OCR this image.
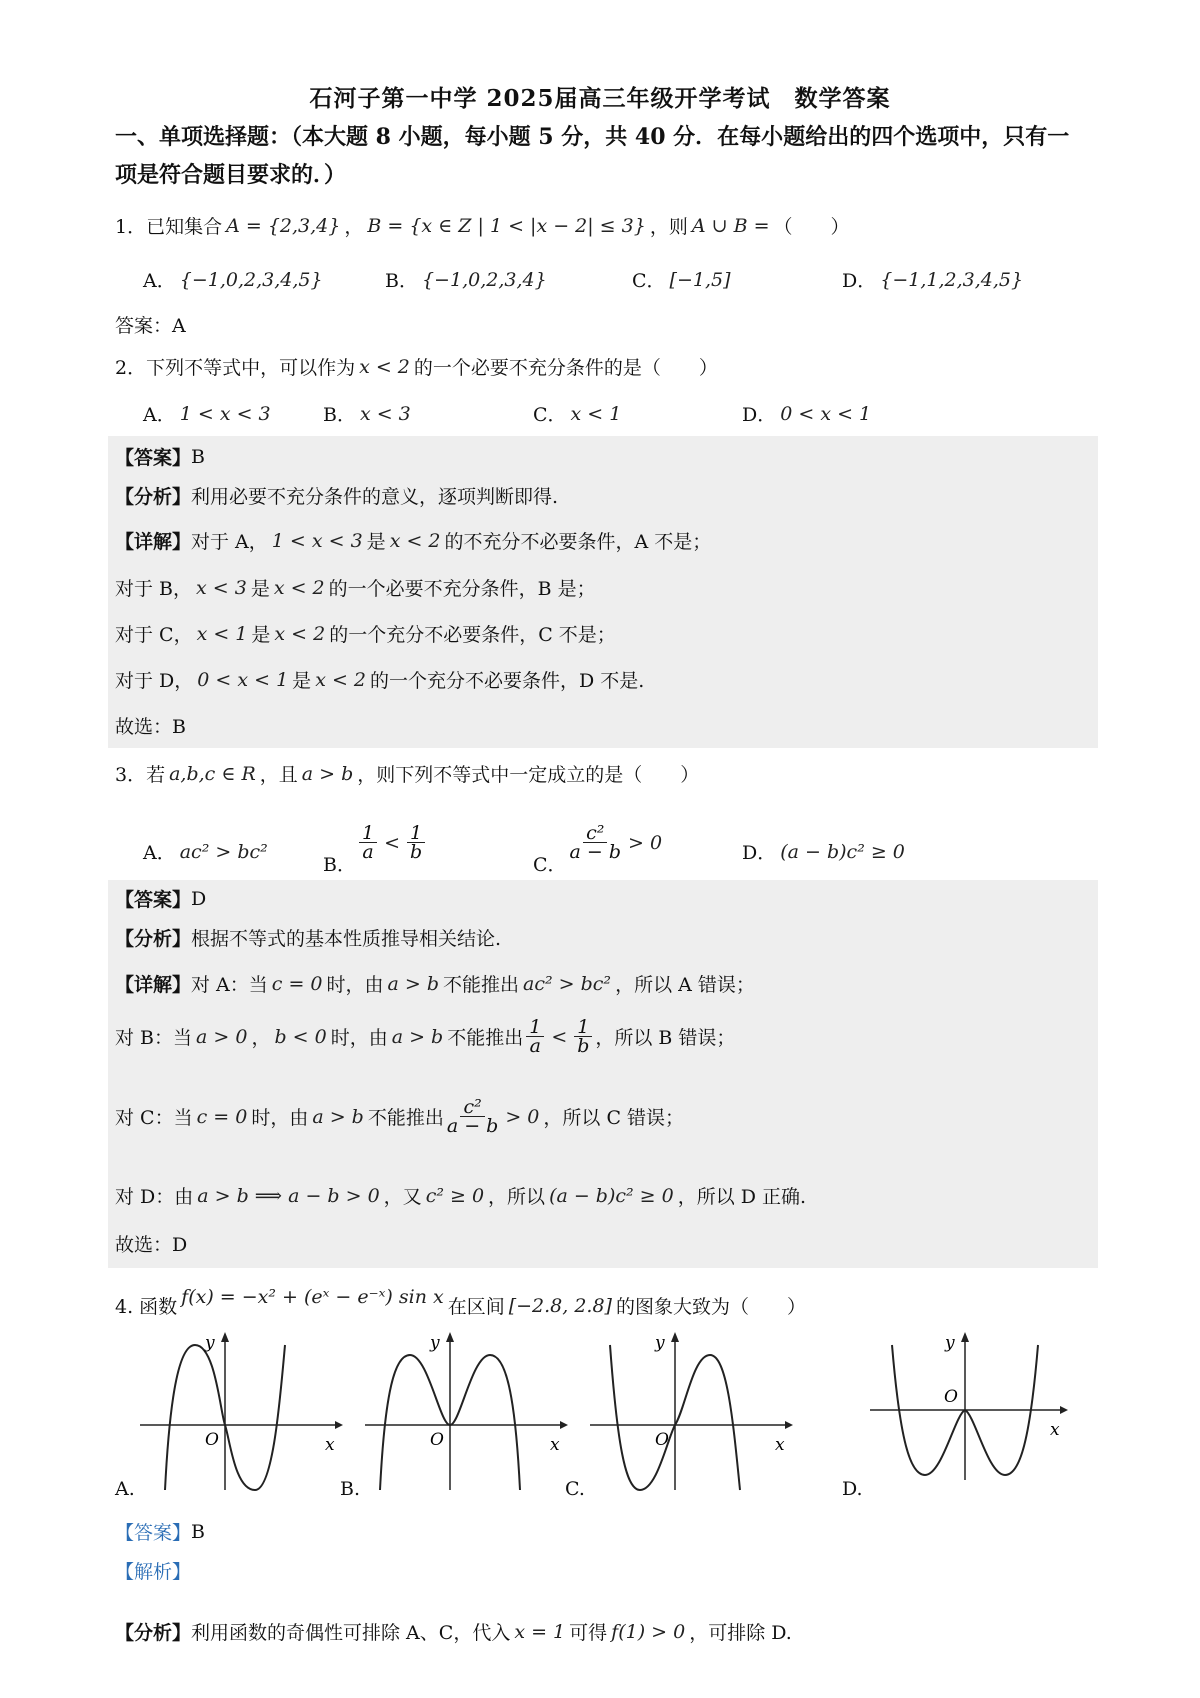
石河子第一中学 2025届高三年级开学考试　数学答案
一、单项选择题：（本大题 8 小题，每小题 5 分，共 40 分．在每小题给出的四个选项中，只有一项是符合题目要求的．）
1．已知集合 A = {2,3,4} ， B = {x ∈ Z | 1 < |x − 2| ≤ 3} ，则 A ∪ B = （　　）
A． {−1,0,2,3,4,5}	B． {−1,0,2,3,4}	C． [−1,5]	D． {−1,1,2,3,4,5}
答案：A
2．下列不等式中，可以作为 x < 2 的一个必要不充分条件的是（　　）
A． 1 < x < 3	B． x < 3	C． x < 1	D． 0 < x < 1
【答案】 B
【分析】 利用必要不充分条件的意义，逐项判断即得.
【详解】 对于 A， 1 < x < 3 是 x < 2 的不充分不必要条件，A 不是；
对于 B， x < 3 是 x < 2 的一个必要不充分条件，B 是；
对于 C， x < 1 是 x < 2 的一个充分不必要条件，C 不是；
对于 D， 0 < x < 1 是 x < 2 的一个充分不必要条件，D 不是.
故选：B
3．若 a,b,c ∈ R ，且 a > b ，则下列不等式中一定成立的是（　　）
A． ac² > bc²
B．
$\frac{1}{a} < \frac{1}{b}$
C．
$\frac{\text{c²}}{a - b} > 0$	D． (a − b)c² ≥ 0
【答案】 D
【分析】 根据不等式的基本性质推导相关结论.
【详解】 对 A：当 c = 0 时，由 a > b 不能推出 ac² > bc² ，所以 A 错误；
对 B：当 a > 0 ， b < 0 时，由 a > b 不能推出 $\frac{1}{a} < \frac{1}{b}$ ，所以 B 错误；
对 C：当 c = 0 时，由 a > b 不能推出 $\frac{\text{c²}}{a - b} > 0$ ，所以 C 错误；
对 D：由 a > b ⟹ a − b > 0 ，又 c² ≥ 0 ，所以 (a − b)c² ≥ 0 ，所以 D 正确.
故选：D
4. 函数 f(x) = −x² + (eˣ − e⁻ˣ) sin x 在区间 [−2.8, 2.8] 的图象大致为（　　）
O	x
y
A.
O	x
y
B.
O	x
y
C.
O
x
y
D.
【答案】 B
【解析】
【分析】 利用函数的奇偶性可排除 A、C，代入 x = 1 可得 f(1) > 0 ，可排除 D.
